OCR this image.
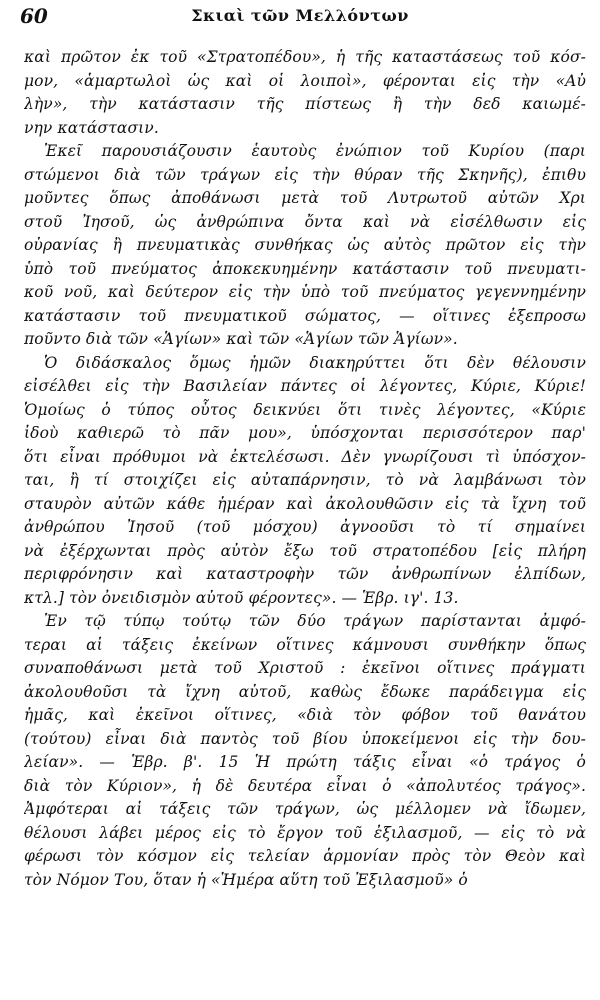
60	Σκιαὶ τῶν Μελλόντων
καὶ πρῶτον ἐκ τοῦ «Στρατοπέδου», ἡ τῆς καταστάσεως τοῦ κόσ-
μον, «ἁμαρτωλοὶ ὡς καὶ οἱ λοιποὶ», φέρονται εἰς τὴν «Αὐ
λὴν», τὴν κατάστασιν τῆς πίστεως ἢ τὴν δεδ καιωμέ-
νην κατάστασιν.
Ἐκεῖ παρουσιάζουσιν ἑαυτοὺς ἐνώπιον τοῦ Κυρίου (παρι
στώμενοι διὰ τῶν τράγων εἰς τὴν θύραν τῆς Σκηνῆς), ἐπιθυ
μοῦντες ὅπως ἀποθάνωσι μετὰ τοῦ Λυτρωτοῦ αὐτῶν Χρι
στοῦ Ἰησοῦ, ὡς ἀνθρώπινα ὄντα καὶ νὰ εἰσέλθωσιν εἰς
οὐρανίας ἢ πνευματικὰς συνθήκας ὡς αὐτὸς πρῶτον εἰς τὴν
ὑπὸ τοῦ πνεύματος ἀποκεκυημένην κατάστασιν τοῦ πνευματι-
κοῦ νοῦ, καὶ δεύτερον εἰς τὴν ὑπὸ τοῦ πνεύματος γεγεννημένην
κατάστασιν τοῦ πνευματικοῦ σώματος, — οἵτινες ἐξεπροσω
ποῦντο διὰ τῶν «Ἁγίων» καὶ τῶν «Ἁγίων τῶν Ἁγίων».
Ὁ διδάσκαλος ὅμως ἡμῶν διακηρύττει ὅτι δὲν θέλουσιν
εἰσέλθει εἰς τὴν Βασιλείαν πάντες οἱ λέγοντες, Κύριε, Κύριε!
Ὁμοίως ὁ τύπος οὗτος δεικνύει ὅτι τινὲς λέγοντες, «Κύριε
ἰδοὺ καθιερῶ τὸ πᾶν μου», ὑπόσχονται περισσότερον παρ'
ὅτι εἶναι πρόθυμοι νὰ ἐκτελέσωσι. Δὲν γνωρίζουσι τὶ ὑπόσχον-
ται, ἢ τί στοιχίζει εἰς αὐταπάρνησιν, τὸ νὰ λαμβάνωσι τὸν
σταυρὸν αὐτῶν κάθε ἡμέραν καὶ ἀκολουθῶσιν εἰς τὰ ἴχνη τοῦ
ἀνθρώπου Ἰησοῦ (τοῦ μόσχου) ἀγνοοῦσι τὸ τί σημαίνει
νὰ ἐξέρχωνται πρὸς αὐτὸν ἔξω τοῦ στρατοπέδου [εἰς πλήρη
περιφρόνησιν καὶ καταστροφὴν τῶν ἀνθρωπίνων ἐλπίδων,
κτλ.] τὸν ὀνειδισμὸν αὐτοῦ φέροντες». — Ἑβρ. ιγ'. 13.
Ἐν τῷ τύπῳ τούτῳ τῶν δύο τράγων παρίστανται ἀμφό-
τεραι αἱ τάξεις ἐκείνων οἵτινες κάμνουσι συνθήκην ὅπως
συναποθάνωσι μετὰ τοῦ Χριστοῦ : ἐκεῖνοι οἵτινες πράγματι
ἀκολουθοῦσι τὰ ἴχνη αὐτοῦ, καθὼς ἔδωκε παράδειγμα εἰς
ἡμᾶς, καὶ ἐκεῖνοι οἵτινες, «διὰ τὸν φόβον τοῦ θανάτου
(τούτου) εἶναι διὰ παντὸς τοῦ βίου ὑποκείμενοι εἰς τὴν δου-
λείαν». — Ἑβρ. β'. 15 Ἡ πρώτη τάξις εἶναι «ὁ τράγος ὁ
διὰ τὸν Κύριον», ἡ δὲ δευτέρα εἶναι ὁ «ἀπολυτέος τράγος».
Ἀμφότεραι αἱ τάξεις τῶν τράγων, ὡς μέλλομεν νὰ ἴδωμεν,
θέλουσι λάβει μέρος εἰς τὸ ἔργον τοῦ ἐξιλασμοῦ, — εἰς τὸ νὰ
φέρωσι τὸν κόσμον εἰς τελείαν ἁρμονίαν πρὸς τὸν Θεὸν καὶ
τὸν Νόμον Του, ὅταν ἡ «Ἡμέρα αὕτη τοῦ Ἐξιλασμοῦ» ὁ
